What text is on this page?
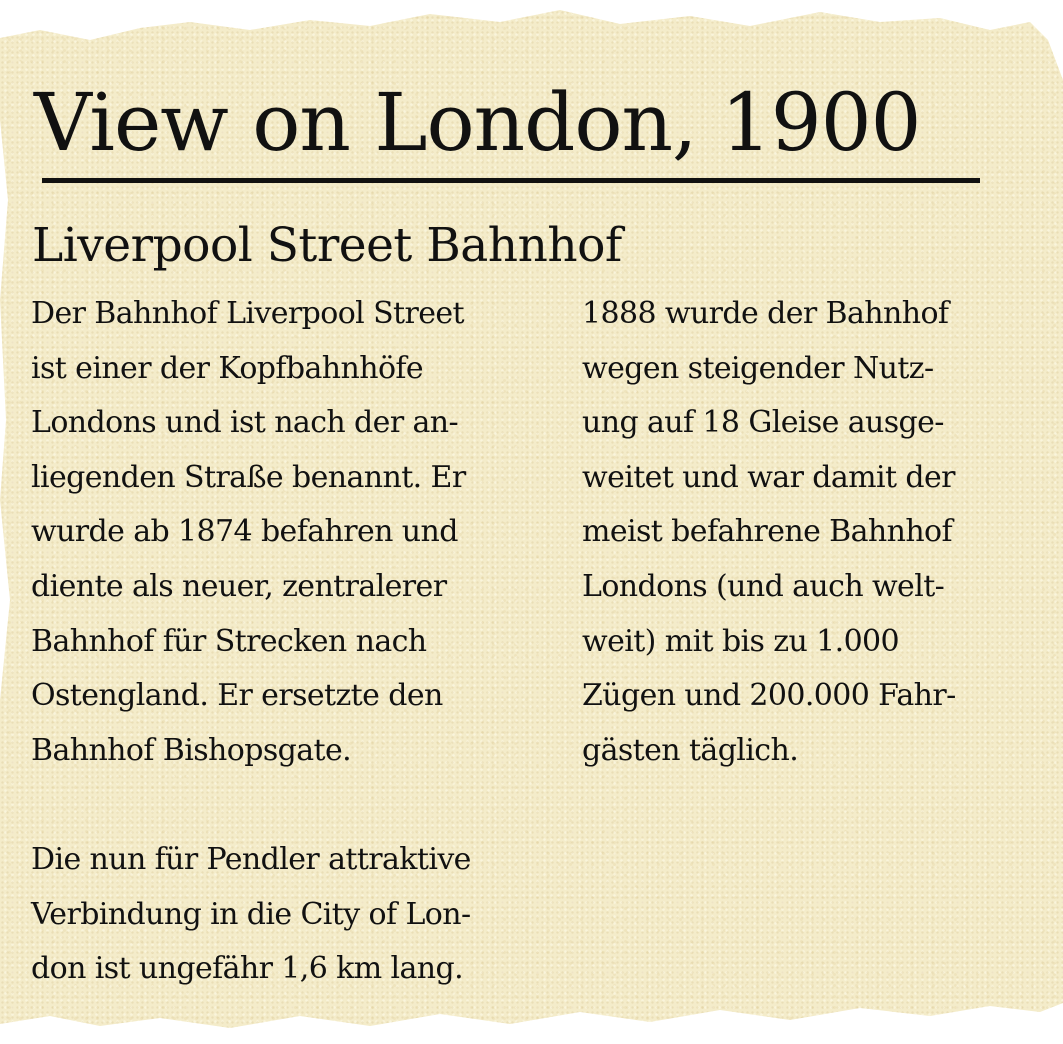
View on London, 1900
Liverpool Street Bahnhof
Der Bahnhof Liverpool Street
ist einer der Kopfbahnhöfe
Londons und ist nach der an-
liegenden Straße benannt. Er
wurde ab 1874 befahren und
diente als neuer, zentralerer
Bahnhof für Strecken nach
Ostengland. Er ersetzte den
Bahnhof Bishopsgate.
Die nun für Pendler attraktive
Verbindung in die City of Lon-
don ist ungefähr 1,6 km lang.
1888 wurde der Bahnhof
wegen steigender Nutz-
ung auf 18 Gleise ausge-
weitet und war damit der
meist befahrene Bahnhof
Londons (und auch welt-
weit) mit bis zu 1.000
Zügen und 200.000 Fahr-
gästen täglich.
